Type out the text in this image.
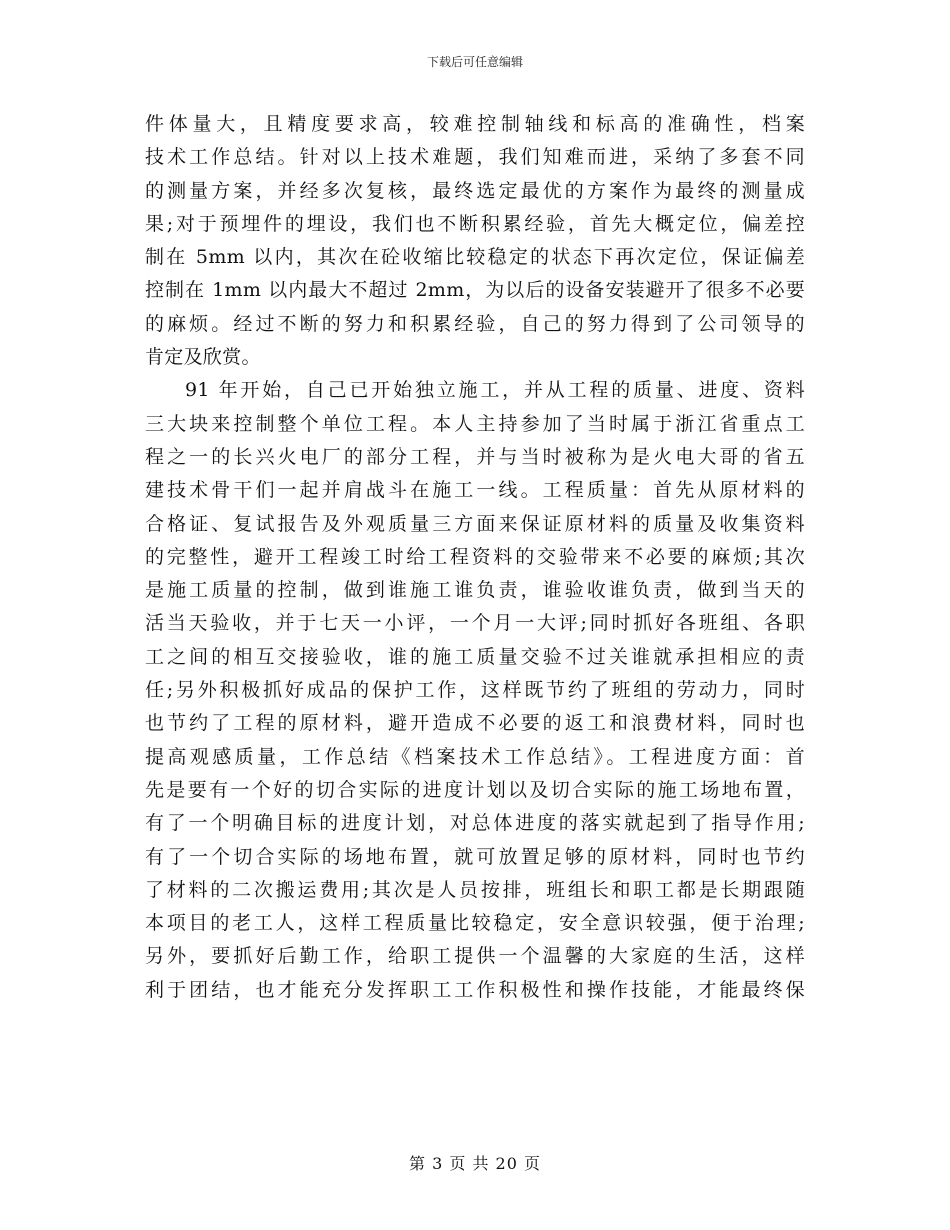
下载后可任意编辑
件体量大，且精度要求高，较难控制轴线和标高的准确性，档案
技术工作总结。针对以上技术难题，我们知难而进，采纳了多套不同
的测量方案，并经多次复核，最终选定最优的方案作为最终的测量成
果;对于预埋件的埋设，我们也不断积累经验，首先大概定位，偏差控
制在 5mm 以内，其次在砼收缩比较稳定的状态下再次定位，保证偏差
控制在 1mm 以内最大不超过 2mm，为以后的设备安装避开了很多不必要
的麻烦。经过不断的努力和积累经验，自己的努力得到了公司领导的
肯定及欣赏。
91 年开始，自己已开始独立施工，并从工程的质量、进度、资料
三大块来控制整个单位工程。本人主持参加了当时属于浙江省重点工
程之一的长兴火电厂的部分工程，并与当时被称为是火电大哥的省五
建技术骨干们一起并肩战斗在施工一线。工程质量：首先从原材料的
合格证、复试报告及外观质量三方面来保证原材料的质量及收集资料
的完整性，避开工程竣工时给工程资料的交验带来不必要的麻烦;其次
是施工质量的控制，做到谁施工谁负责，谁验收谁负责，做到当天的
活当天验收，并于七天一小评，一个月一大评;同时抓好各班组、各职
工之间的相互交接验收，谁的施工质量交验不过关谁就承担相应的责
任;另外积极抓好成品的保护工作，这样既节约了班组的劳动力，同时
也节约了工程的原材料，避开造成不必要的返工和浪费材料，同时也
提高观感质量，工作总结《档案技术工作总结》。工程进度方面：首
先是要有一个好的切合实际的进度计划以及切合实际的施工场地布置，
有了一个明确目标的进度计划，对总体进度的落实就起到了指导作用;
有了一个切合实际的场地布置，就可放置足够的原材料，同时也节约
了材料的二次搬运费用;其次是人员按排，班组长和职工都是长期跟随
本项目的老工人，这样工程质量比较稳定，安全意识较强，便于治理;
另外，要抓好后勤工作，给职工提供一个温馨的大家庭的生活，这样
利于团结，也才能充分发挥职工工作积极性和操作技能，才能最终保
第 3 页 共 20 页
